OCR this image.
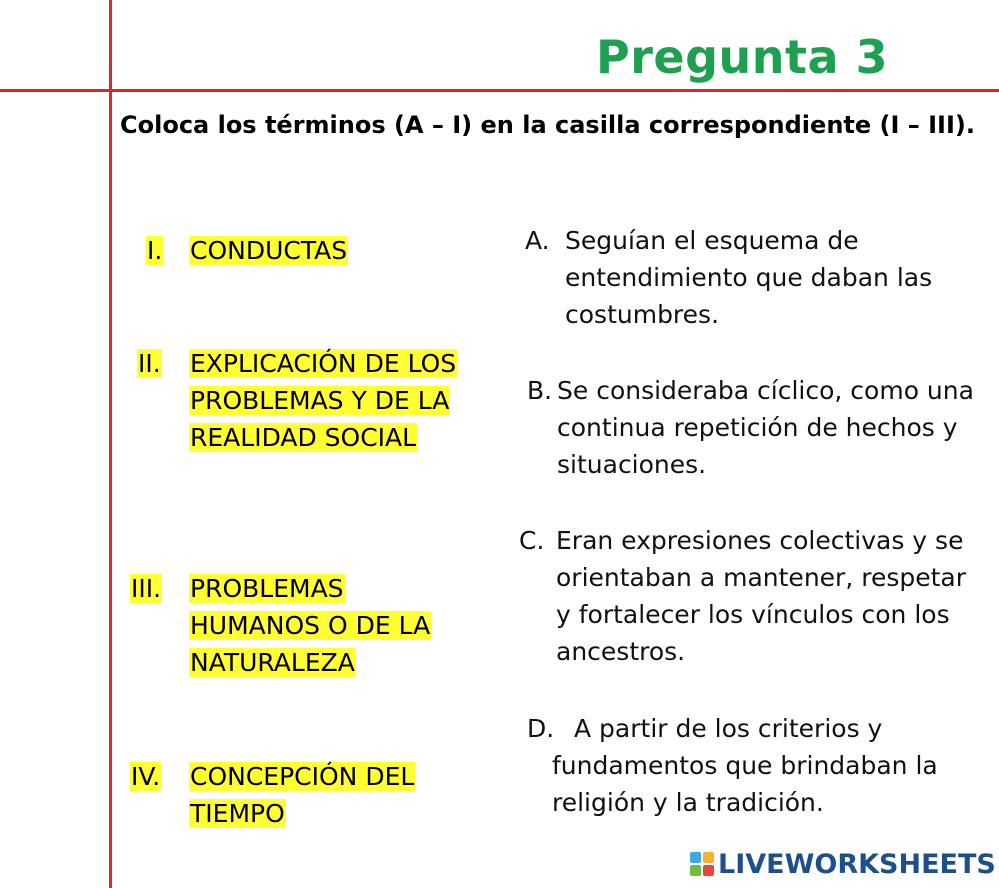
Pregunta 3
Coloca los términos (A – I) en la casilla correspondiente (I – III).
I. CONDUCTAS
II. EXPLICACIÓN DE LOS PROBLEMAS Y DE LA REALIDAD SOCIAL
III. PROBLEMAS HUMANOS O DE LA NATURALEZA
IV. CONCEPCIÓN DEL TIEMPO
A. Seguían el esquema de entendimiento que daban las costumbres.
B. Se consideraba cíclico, como una continua repetición de hechos y situaciones.
C. Eran expresiones colectivas y se orientaban a mantener, respetar y fortalecer los vínculos con los ancestros.
D. A partir de los criterios y fundamentos que brindaban la religión y la tradición.
LIVEWORKSHEETS
